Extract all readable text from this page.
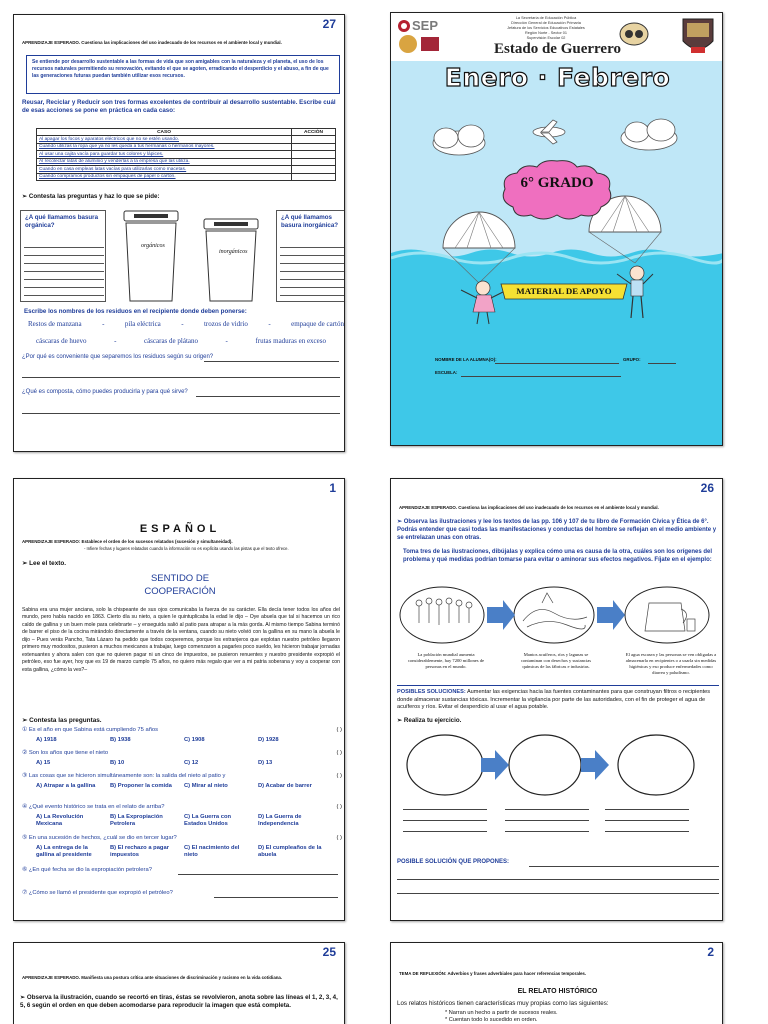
27
APRENDIZAJE ESPERADO. Cuestiona las implicaciones del uso inadecuado de los recursos en el ambiente local y mundial.
Se entiende por desarrollo sustentable a las formas de vida que son amigables con la naturaleza y el planeta, el uso de los recursos naturales permitiendo su renovación, evitando el que se agoten, erradicando el desperdicio y el abuso, a fin de que las generaciones futuras puedan también utilizar esos recursos.
Reusar, Reciclar y Reducir son tres formas excelentes de contribuir al desarrollo sustentable. Escribe cuál de esas acciones se pone en práctica en cada caso:
CASO	ACCIÓN
Al apagar los focos y aparatos eléctricos que no se estén usando.	
Cuando utilizas la ropa que ya no les queda a tus hermanas o hermanos mayores.	
Al usar una cajita vacía para guardar tus colores y lápices.	
Al recolectar latas de aluminio y venderlas a la empresa que las utiliza.	
Cuando en casa empleas latas vacías para utilizarlas como macetas.	
Cuando compramos productos sin empaques de papel o cartón.	
➢ Contesta las preguntas y haz lo que se pide:
¿A qué llamamos basura orgánica?
¿A qué llamamos basura inorgánica?
orgánicos
inorgánicos
Escribe los nombres de los residuos en el recipiente donde deben ponerse:
Restos de manzana	-	pila eléctrica	-	trozos de vidrio	-	empaque de cartón
cáscaras de huevo	-	cáscaras de plátano	-	frutas maduras en exceso
¿Por qué es conveniente que separemos los residuos según su origen?
¿Qué es composta, cómo puedes producirla y para qué sirve?
SEP	La Secretaría de Educación Pública
Dirección General de Educación Primaria
Jefatura de los Servicios Educativos Estatales
Región Norte - Sector 01
Supervisión Escolar 02
Estado de Guerrero
Enero · Febrero
6° GRADO
MATERIAL DE APOYO
NOMBRE DE LA ALUMNA(O):	GRUPO:
ESCUELA:
1
ESPAÑOL
APRENDIZAJE ESPERADO: Establece el orden de los sucesos relatados (sucesión y simultaneidad).
- Infiere fechas y lugares relatados cuando la información no es explícita usando las pistas que el texto ofrece.
➢ Lee el texto.
SENTIDO DE
COOPERACIÓN
Sabina era una mujer anciana, solo la chispeante de sus ojos comunicaba la fuerza de su carácter. Ella decía tener todos los años del mundo, pero había nacido en 1863. Cierto día su nieto, a quien le quintuplicaba la edad le dijo – Oye abuela que tal si hacemos un rico caldo de gallina y un buen mole para celebrarte – y enseguida salió al patio para atrapar a la más gorda. Al mismo tiempo Sabina terminó de barrer el piso de la cocina mirándolo directamente a través de la ventana, cuando su nieto volvió con la gallina en su mano la abuela le dijo – Pues verás Pancho, Tata Lázaro ha pedido que todos cooperemos, porque los extranjeros que explotan nuestro petróleo llegaron primero muy modositos, pusieron a muchos mexicanos a trabajar, luego comenzaron a pagarles poco sueldo, les hicieron trabajar jornadas extenuantes y ahora salen con que no quieren pagar ni un cinco de impuestos, se pusieron renuentes y nuestro presidente expropió el petróleo, eso fue ayer, hoy que es 19 de marzo cumplo 75 años, no quiero más regalo que ver a mi patria soberana y voy a cooperar con esta gallina, ¿cómo la ves?–
➢ Contesta las preguntas.
① Es el año en que Sabina está cumpliendo 75 años	( )
A) 1918	B) 1938	C) 1908	D) 1928
② Son los años que tiene el nieto	( )
A) 15	B) 10	C) 12	D) 13
③ Las cosas que se hicieron simultáneamente son: la salida del nieto al patio y	( )
A) Atrapar a la gallina	B) Proponer la comida	C) Mirar al nieto	D) Acabar de barrer
④ ¿Qué evento histórico se trata en el relato de arriba?	( )
A) La Revolución Mexicana
B) La Expropiación Petrolera
C) La Guerra con Estados Unidos
D) La Guerra de Independencia
⑤ En una sucesión de hechos, ¿cuál se dio en tercer lugar?	( )
A) La entrega de la gallina al presidente
B) El rechazo a pagar impuestos
C) El nacimiento del nieto
D) El cumpleaños de la abuela
⑥ ¿En qué fecha se dio la expropiación petrolera?
⑦ ¿Cómo se llamó el presidente que expropió el petróleo?
26
APRENDIZAJE ESPERADO. Cuestiona las implicaciones del uso inadecuado de los recursos en el ambiente local y mundial.
➢ Observa las ilustraciones y lee los textos de las pp. 106 y 107 de tu libro de Formación Cívica y Ética de 6°. Podrás entender que casi todas las manifestaciones y conductas del hombre se reflejan en el medio ambiente y se entrelazan unas con otras.
Toma tres de las ilustraciones, dibújalas y explica cómo una es causa de la otra, cuáles son los orígenes del problema y qué medidas podrían tomarse para evitar o aminorar sus efectos negativos. Fíjate en el ejemplo:
La población mundial aumenta considerablemente, hay 7200 millones de personas en el mundo.
Mantos acuíferos, ríos y lagunas se contaminan con desechos y sustancias químicas de las fábricas e industrias.
El agua escasea y las personas se ven obligadas a almacenarla en recipientes o a usarla sin medidas higiénicas y eso produce enfermedades como diarrea y paludismo.
POSIBLES SOLUCIONES: Aumentar las exigencias hacia las fuentes contaminantes para que construyan filtros o recipientes donde almacenar sustancias tóxicas. Incrementar la vigilancia por parte de las autoridades, con el fin de proteger el agua de acuíferos y ríos. Evitar el desperdicio al usar el agua potable.
➢ Realiza tu ejercicio.
POSIBLE SOLUCIÓN QUE PROPONES:
25
APRENDIZAJE ESPERADO. Manifiesta una postura crítica ante situaciones de discriminación y racismo en la vida cotidiana.
➢ Observa la ilustración, cuando se recortó en tiras, éstas se revolvieron, anota sobre las líneas el 1, 2, 3, 4, 5, 6 según el orden en que deben acomodarse para reproducir la imagen que está completa.
2
TEMA DE REFLEXIÓN: Adverbios y frases adverbiales para hacer referencias temporales.
EL RELATO HISTÓRICO
Los relatos históricos tienen características muy propias como las siguientes:
* Narran un hecho a partir de sucesos reales.
* Cuentan todo lo sucedido en orden.
